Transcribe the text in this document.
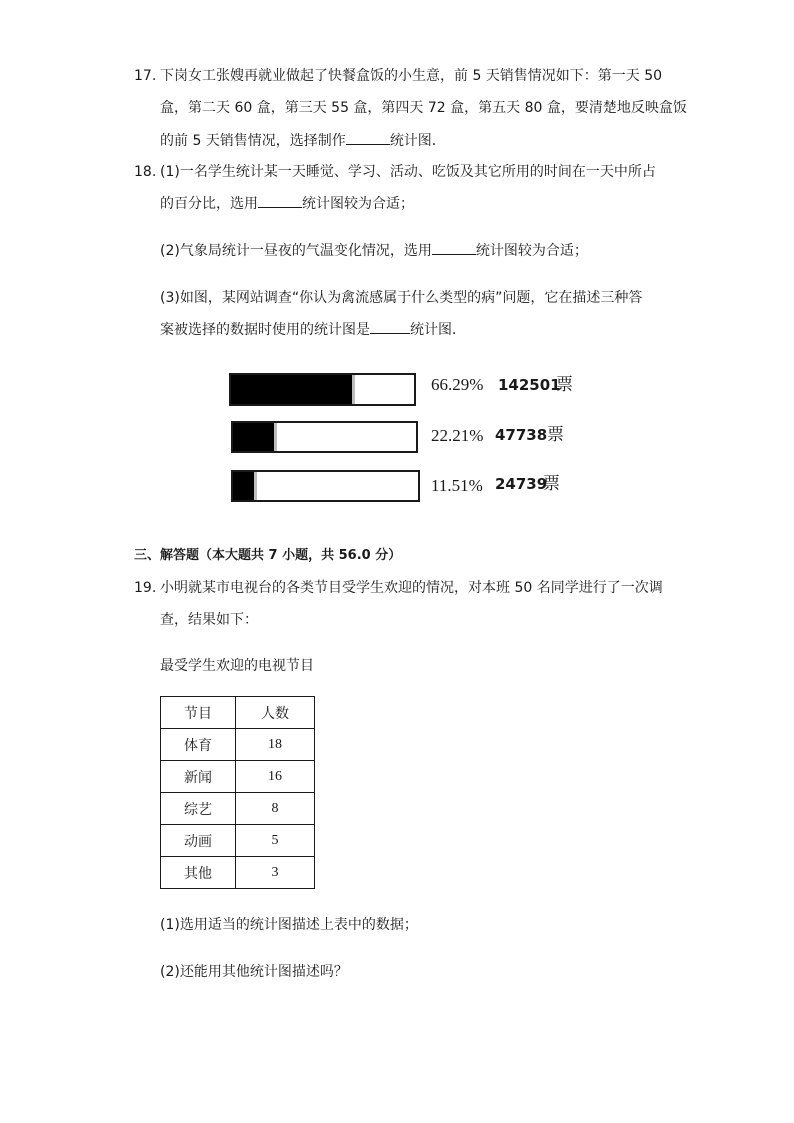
17. 下岗女工张嫂再就业做起了快餐盒饭的小生意，前 5 天销售情况如下：第一天 50
盒，第二天 60 盒，第三天 55 盒，第四天 72 盒，第五天 80 盒，要清楚地反映盒饭
的前 5 天销售情况，选择制作	统计图．
18. (1)一名学生统计某一天睡觉、学习、活动、吃饭及其它所用的时间在一天中所占
的百分比，选用	统计图较为合适；
(2)气象局统计一昼夜的气温变化情况，选用	统计图较为合适；
(3)如图，某网站调查“你认为禽流感属于什么类型的病”问题，它在描述三种答
案被选择的数据时使用的统计图是	统计图．
66.29% 142501
票
22.21% 47738 票
11.51% 24739
票
三、解答题（本大题共 7 小题，共 56.0 分）
19. 小明就某市电视台的各类节目受学生欢迎的情况，对本班 50 名同学进行了一次调
查，结果如下：
最受学生欢迎的电视节目
节目	人数
体育	18
新闻	16
综艺	8
动画	5
其他	3
(1)选用适当的统计图描述上表中的数据；
(2)还能用其他统计图描述吗？
